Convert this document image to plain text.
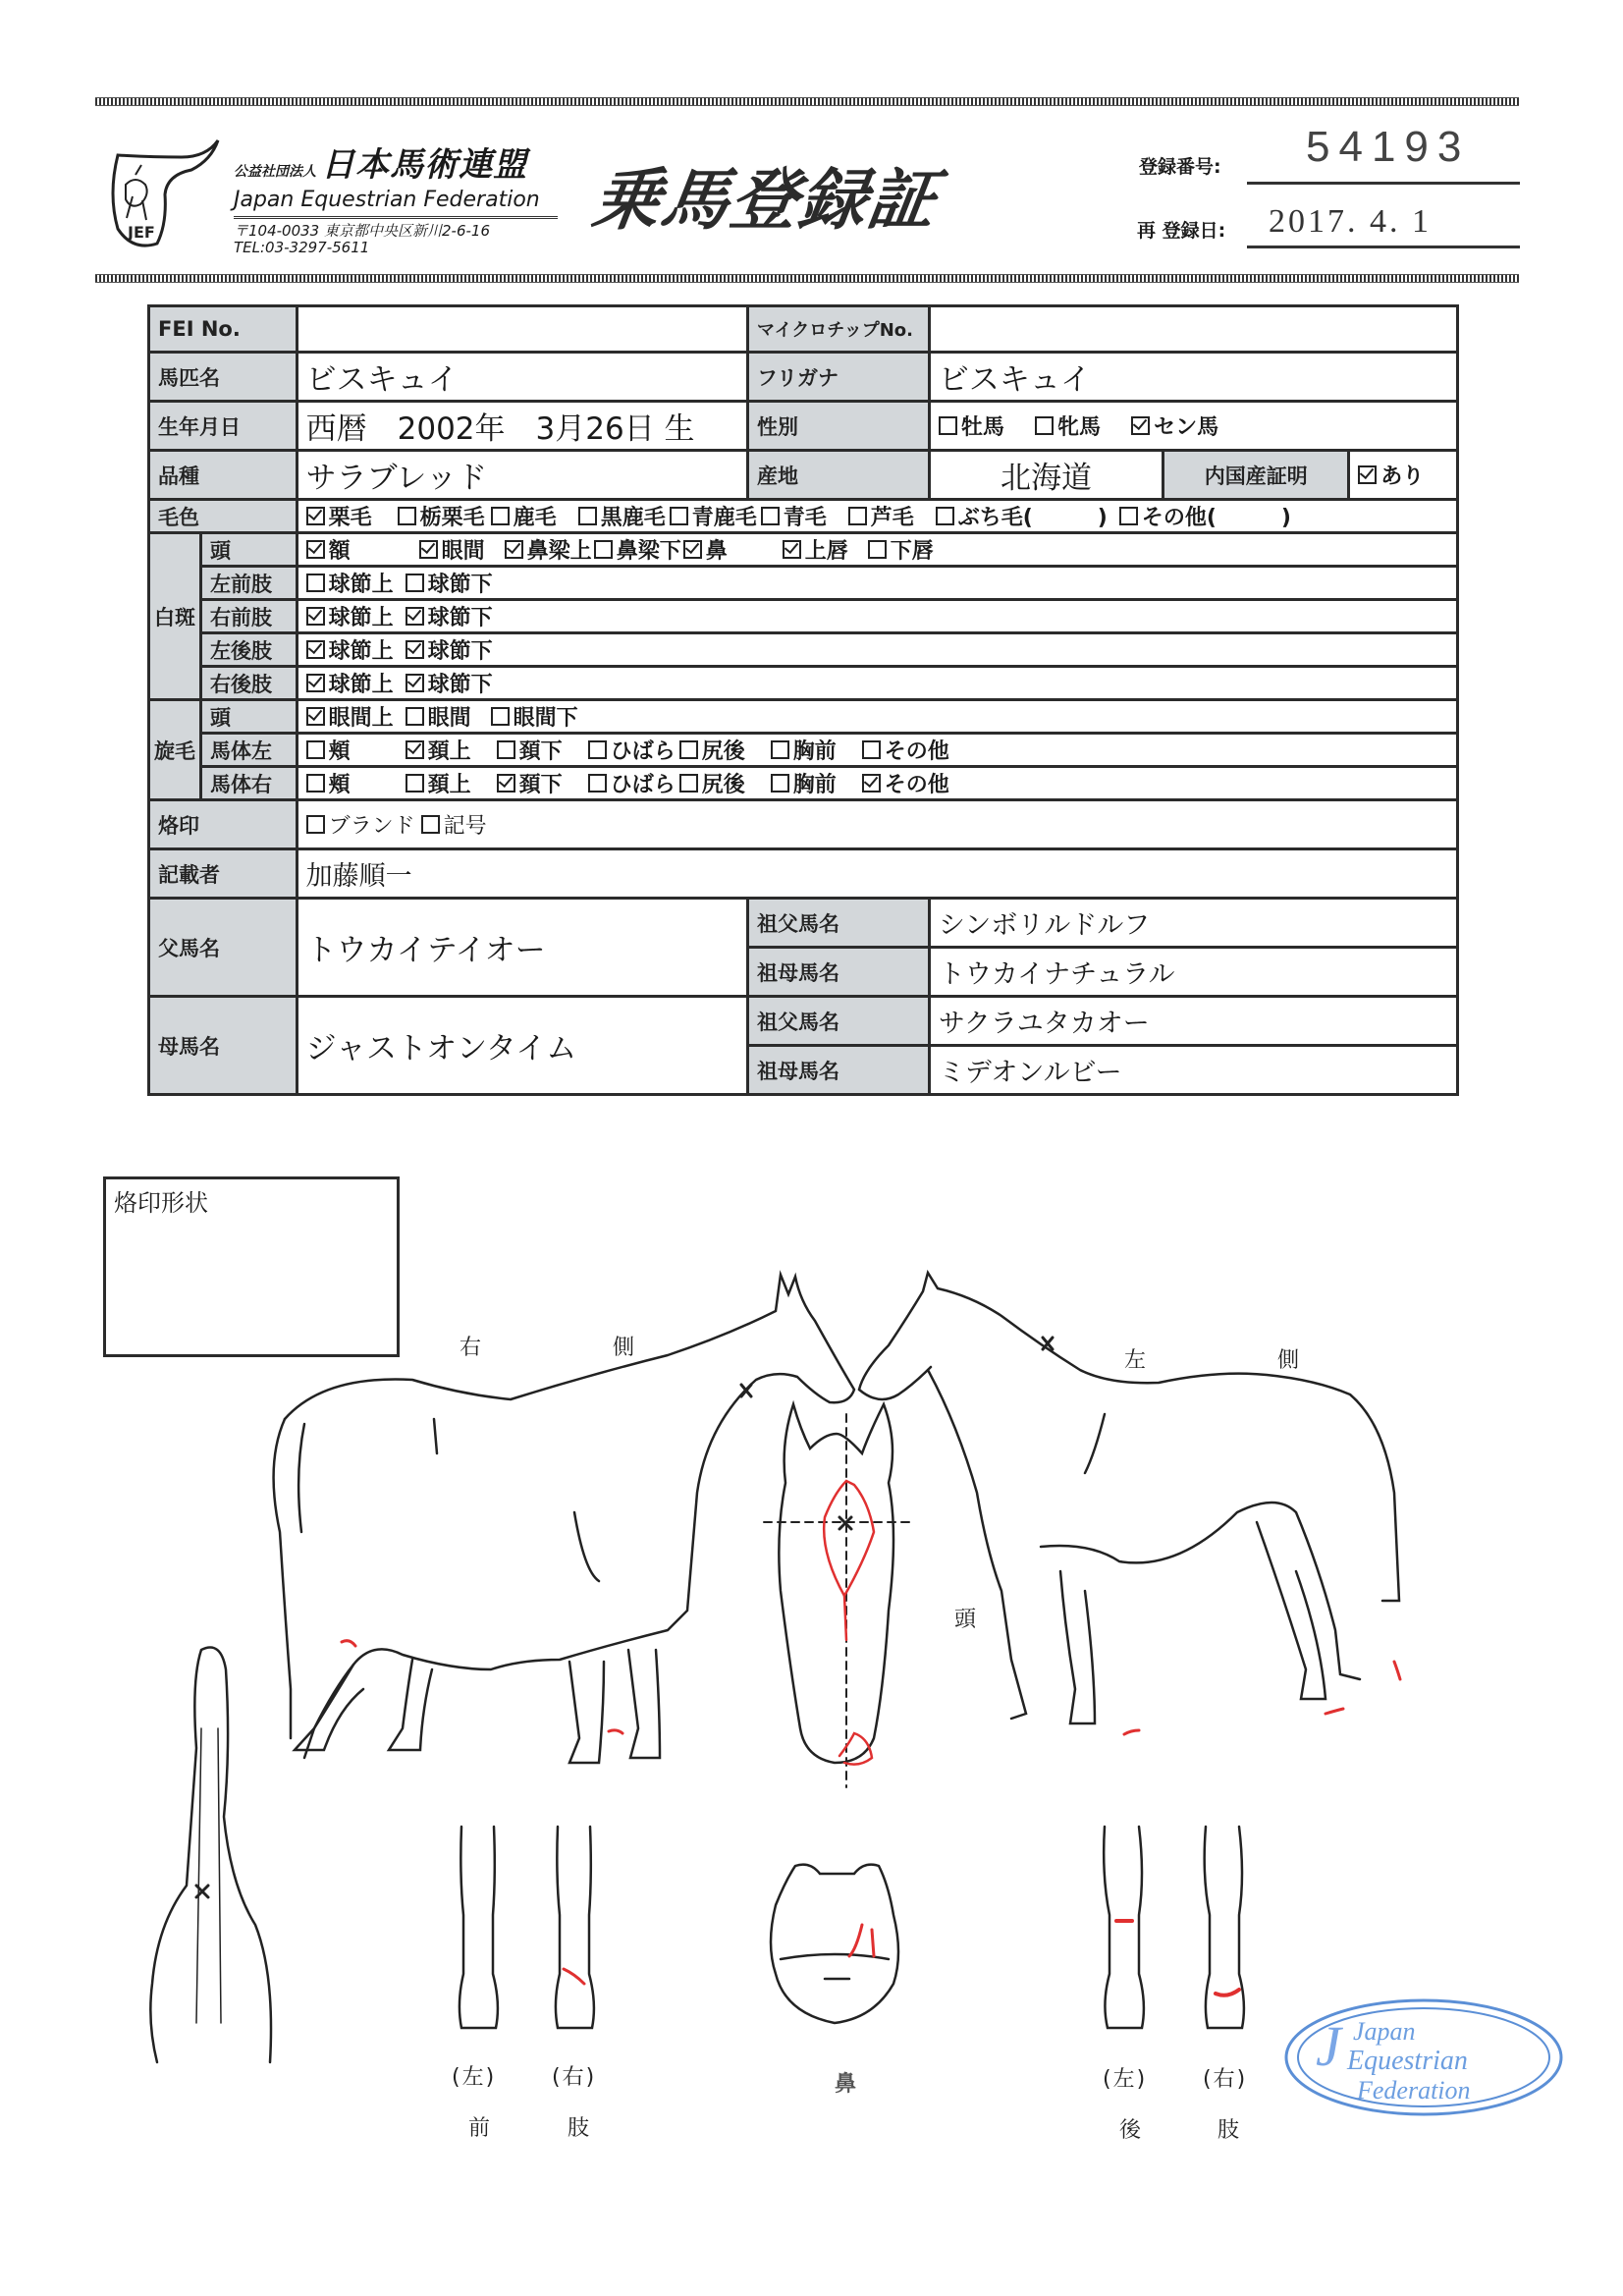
JEF
公益社団法人 日本馬術連盟
Japan Equestrian Federation
〒104-0033 東京都中央区新川2-6-16
TEL:03-3297-5611
乗馬登録証	登録番号: 54193
再 登録日: 2017. 4. 1
FEI No.			マイクロチップNo.			
馬匹名		ビスキュイ	フリガナ	ビスキュイ		
生年月日		西暦　2002年　3月26日 生	性別	牡馬 牝馬 セン馬		
品種		サラブレッド	産地	北海道	内国産証明	あり
毛色		栗毛 栃栗毛 鹿毛 黒鹿毛 青鹿毛 青毛 芦毛 ぶち毛(　　　) その他(　　　)				
白斑	頭	額 眼間 鼻梁上 鼻梁下 鼻 上唇 下唇				
	左前肢	球節上 球節下				
	右前肢	球節上 球節下				
	左後肢	球節上 球節下				
	右後肢	球節上 球節下				
旋毛	頭	眼間上 眼間 眼間下				
	馬体左	頬 頚上 頚下 ひばら 尻後 胸前 その他				
	馬体右	頬 頚上 頚下 ひばら 尻後 胸前 その他				
烙印		ブランド 記号				
記載者		加藤順一				
父馬名		トウカイテイオー	祖父馬名	シンボリルドルフ		
			祖母馬名	トウカイナチュラル		
母馬名		ジャストオンタイム	祖父馬名	サクラユタカオー		
			祖母馬名	ミデオンルビー		
烙印形状
右　　側
左　　側
頭
鼻
(左)	(右)
前	肢
(左)	(右)
後	肢
J Japan
Equestrian
Federation
